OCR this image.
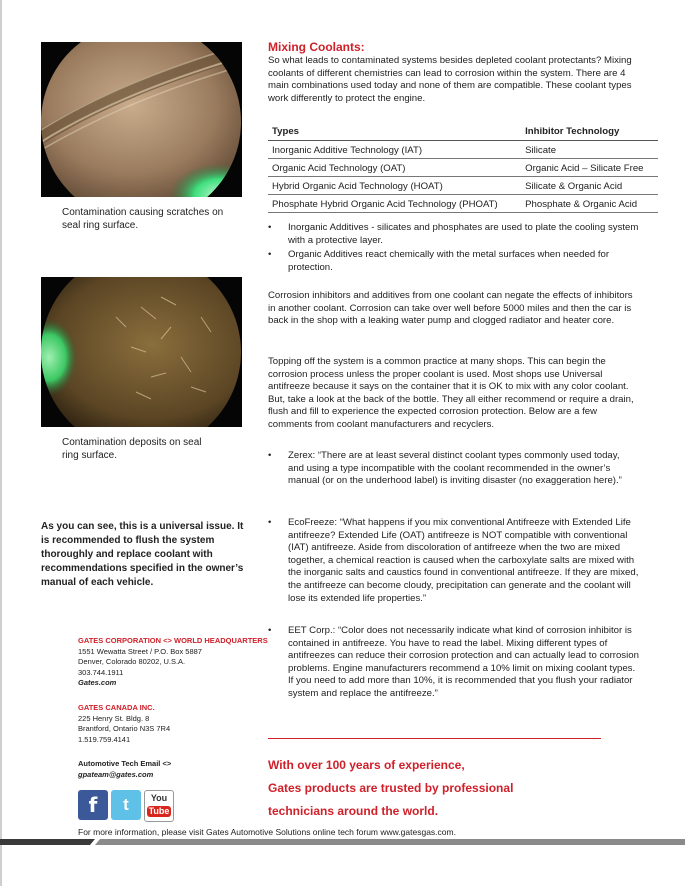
Contamination causing scratches on seal ring surface.
Contamination deposits on seal ring surface.
As you can see, this is a universal issue. It is recommended to flush the system thoroughly and replace coolant with recommendations specified in the owner’s manual of each vehicle.
GATES CORPORATION <> WORLD HEADQUARTERS
1551 Wewatta Street / P.O. Box 5887
Denver, Colorado 80202, U.S.A.
303.744.1911
Gates.com
GATES CANADA INC.
225 Henry St. Bldg. 8
Brantford, Ontario N3S 7R4
1.519.759.4141
Automotive Tech Email <>
gpateam@gates.com
f	t	You
Tube
For more information, please visit Gates Automotive Solutions online tech forum www.gatesgas.com.
Mixing Coolants:
So what leads to contaminated systems besides depleted coolant protectants? Mixing coolants of different chemistries can lead to corrosion within the system. There are 4 main combinations used today and none of them are compatible. These coolant types work differently to protect the engine.
Types	Inhibitor Technology
Inorganic Additive Technology (IAT)	Silicate
Organic Acid Technology (OAT)	Organic Acid – Silicate Free
Hybrid Organic Acid Technology (HOAT)	Silicate & Organic Acid
Phosphate Hybrid Organic Acid Technology (PHOAT)	Phosphate & Organic Acid
•	Inorganic Additives - silicates and phosphates are used to plate the cooling system with a protective layer.
•	Organic Additives react chemically with the metal surfaces when needed for protection.
Corrosion inhibitors and additives from one coolant can negate the effects of inhibitors in another coolant. Corrosion can take over well before 5000 miles and then the car is back in the shop with a leaking water pump and clogged radiator and heater core.
Topping off the system is a common practice at many shops. This can begin the corrosion process unless the proper coolant is used. Most shops use Universal antifreeze because it says on the container that it is OK to mix with any color coolant. But, take a look at the back of the bottle. They all either recommend or require a drain, flush and fill to experience the expected corrosion protection. Below are a few comments from coolant manufacturers and recyclers.
•	Zerex: “There are at least several distinct coolant types commonly used today, and using a type incompatible with the coolant recommended in the owner’s manual (or on the underhood label) is inviting disaster (no exaggeration here).”
•	EcoFreeze: “What happens if you mix conventional Antifreeze with Extended Life antifreeze? Extended Life (OAT) antifreeze is NOT compatible with conventional (IAT) antifreeze. Aside from discoloration of antifreeze when the two are mixed together, a chemical reaction is caused when the carboxylate salts are mixed with the inorganic salts and caustics found in conventional antifreeze. If they are mixed, the antifreeze can become cloudy, precipitation can generate and the coolant will lose its extended life properties.”
•	EET Corp.: “Color does not necessarily indicate what kind of corrosion inhibitor is contained in antifreeze. You have to read the label. Mixing different types of antifreezes can reduce their corrosion protection and can actually lead to corrosion problems. Engine manufacturers recommend a 10% limit on mixing coolant types. If you need to add more than 10%, it is recommended that you flush your radiator system and replace the antifreeze.”
With over 100 years of experience,
Gates products are trusted by professional
technicians around the world.
